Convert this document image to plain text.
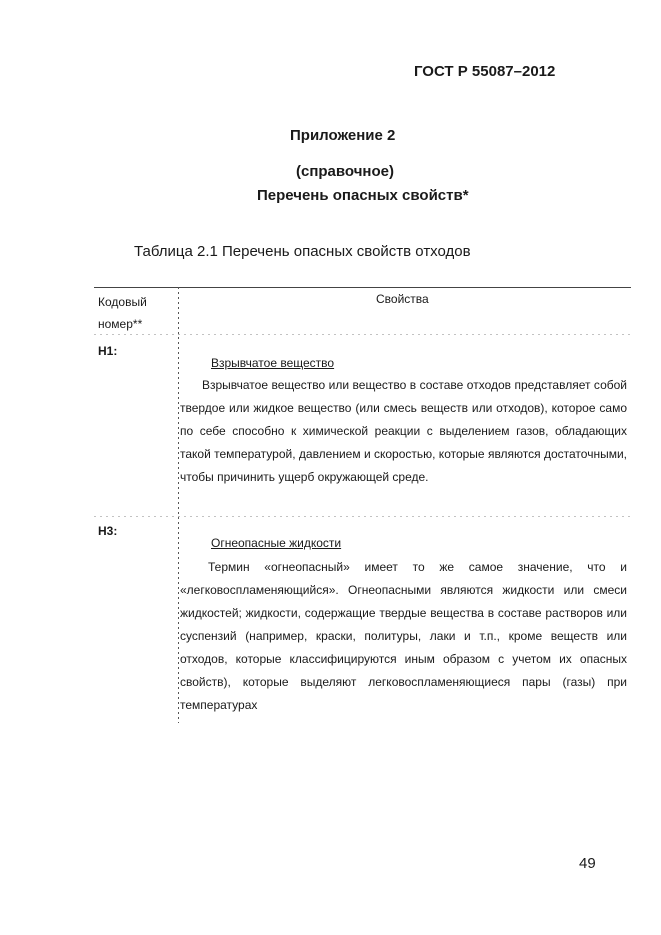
ГОСТ Р 55087–2012
Приложение 2
(справочное)
Перечень опасных свойств*
Таблица 2.1 Перечень опасных свойств отходов
Кодовый номер**
Свойства
Н1:
Взрывчатое вещество

Взрывчатое вещество или вещество в составе отходов представляет собой твердое или жидкое вещество (или смесь веществ или отходов), которое само по себе способно к химической реакции с выделением газов, обладающих такой температурой, давлением и скоростью, которые являются достаточными, чтобы причинить ущерб окружающей среде.

Н3:
Огнеопасные жидкости

Термин «огнеопасный» имеет то же самое значение, что и «легковоспламеняющийся». Огнеопасными являются жидкости или смеси жидкостей; жидкости, содержащие твердые вещества в составе растворов или суспензий (например, краски, политуры, лаки и т.п., кроме веществ или отходов, которые классифицируются иным образом с учетом их опасных свойств), которые выделяют легковоспламеняющиеся пары (газы) при температурах

49
